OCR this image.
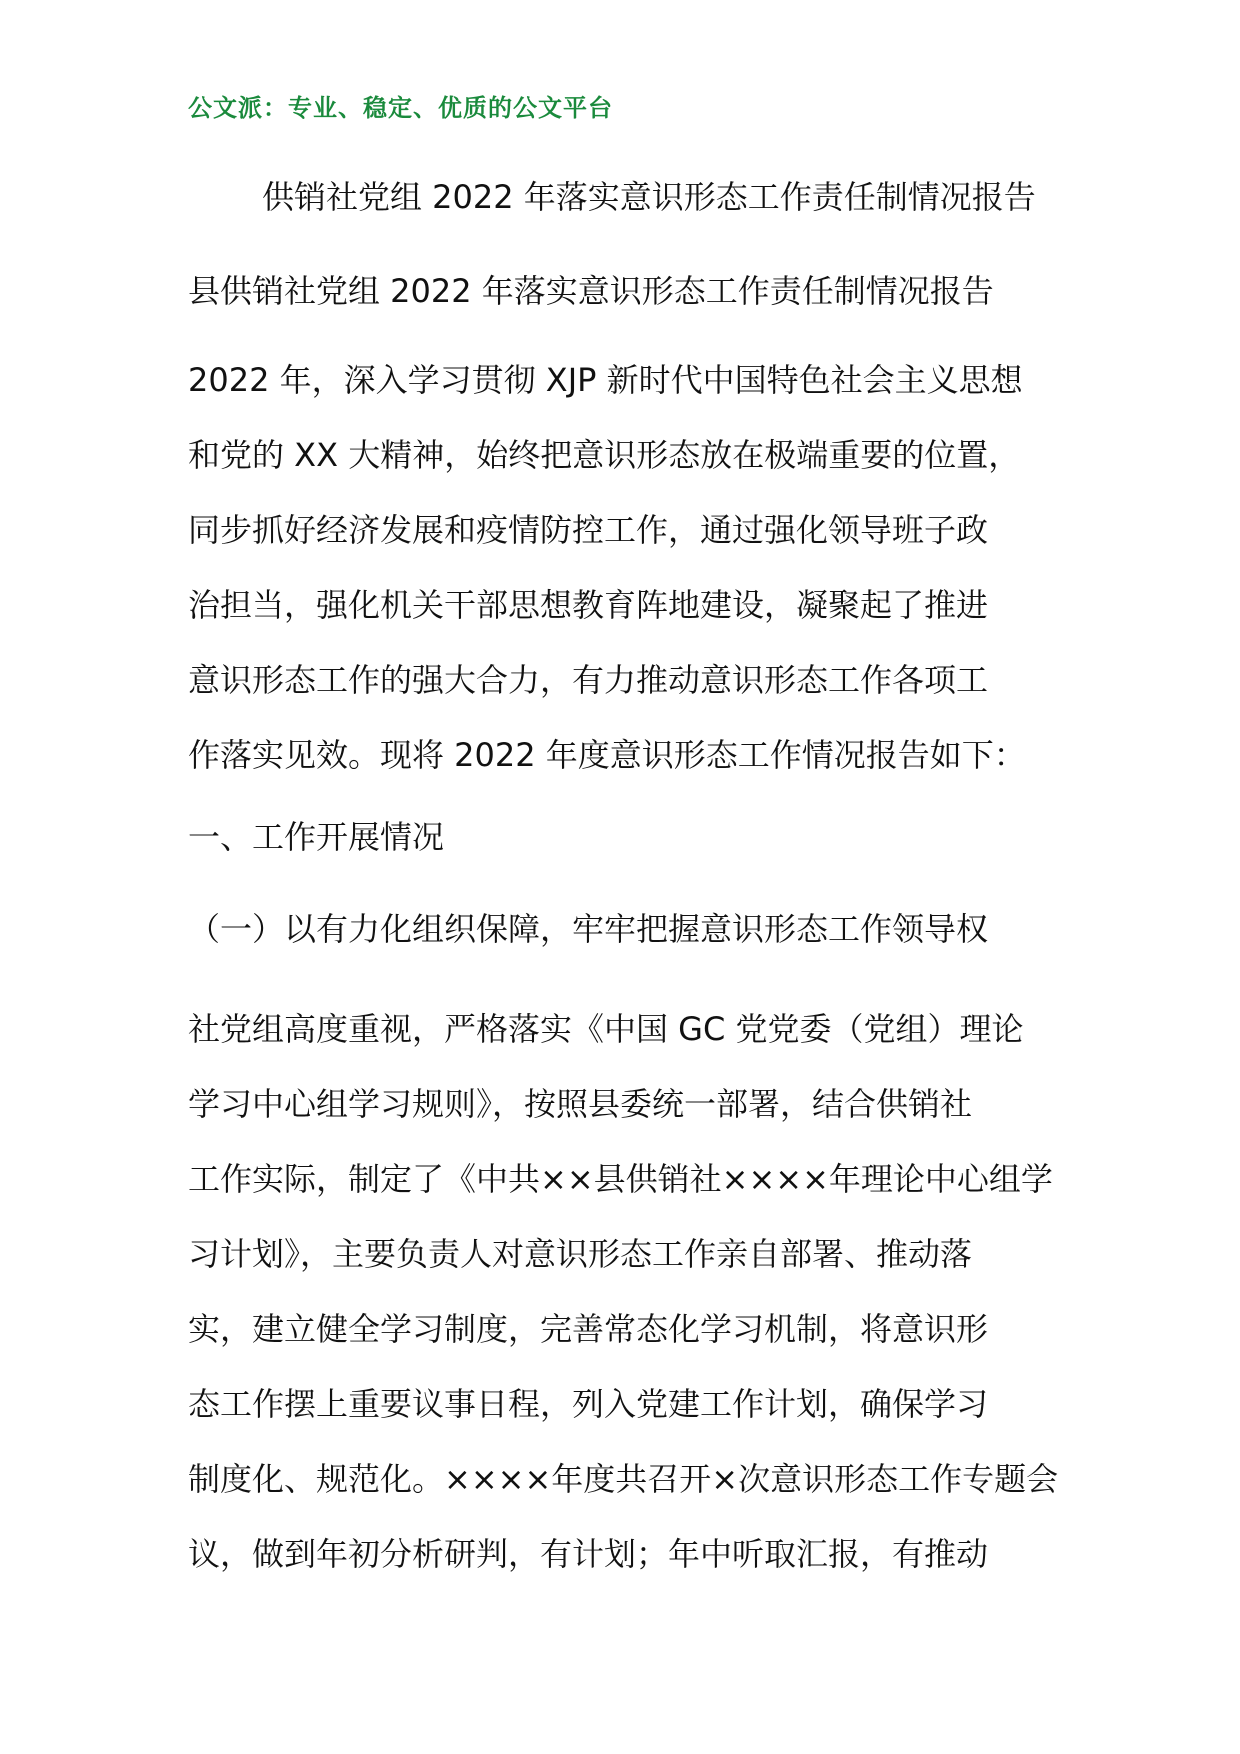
公文派：专业、稳定、优质的公文平台
供销社党组 2022 年落实意识形态工作责任制情况报告
县供销社党组 2022 年落实意识形态工作责任制情况报告
2022 年，深入学习贯彻 XJP 新时代中国特色社会主义思想
和党的 XX 大精神，始终把意识形态放在极端重要的位置，
同步抓好经济发展和疫情防控工作，通过强化领导班子政
治担当，强化机关干部思想教育阵地建设，凝聚起了推进
意识形态工作的强大合力，有力推动意识形态工作各项工
作落实见效。现将 2022 年度意识形态工作情况报告如下：
一、工作开展情况
（一）以有力化组织保障，牢牢把握意识形态工作领导权
社党组高度重视，严格落实《中国 GC 党党委（党组）理论
学习中心组学习规则》，按照县委统一部署，结合供销社
工作实际，制定了《中共××县供销社××××年理论中心组学
习计划》，主要负责人对意识形态工作亲自部署、推动落
实，建立健全学习制度，完善常态化学习机制，将意识形
态工作摆上重要议事日程，列入党建工作计划，确保学习
制度化、规范化。××××年度共召开×次意识形态工作专题会
议，做到年初分析研判，有计划；年中听取汇报，有推动
